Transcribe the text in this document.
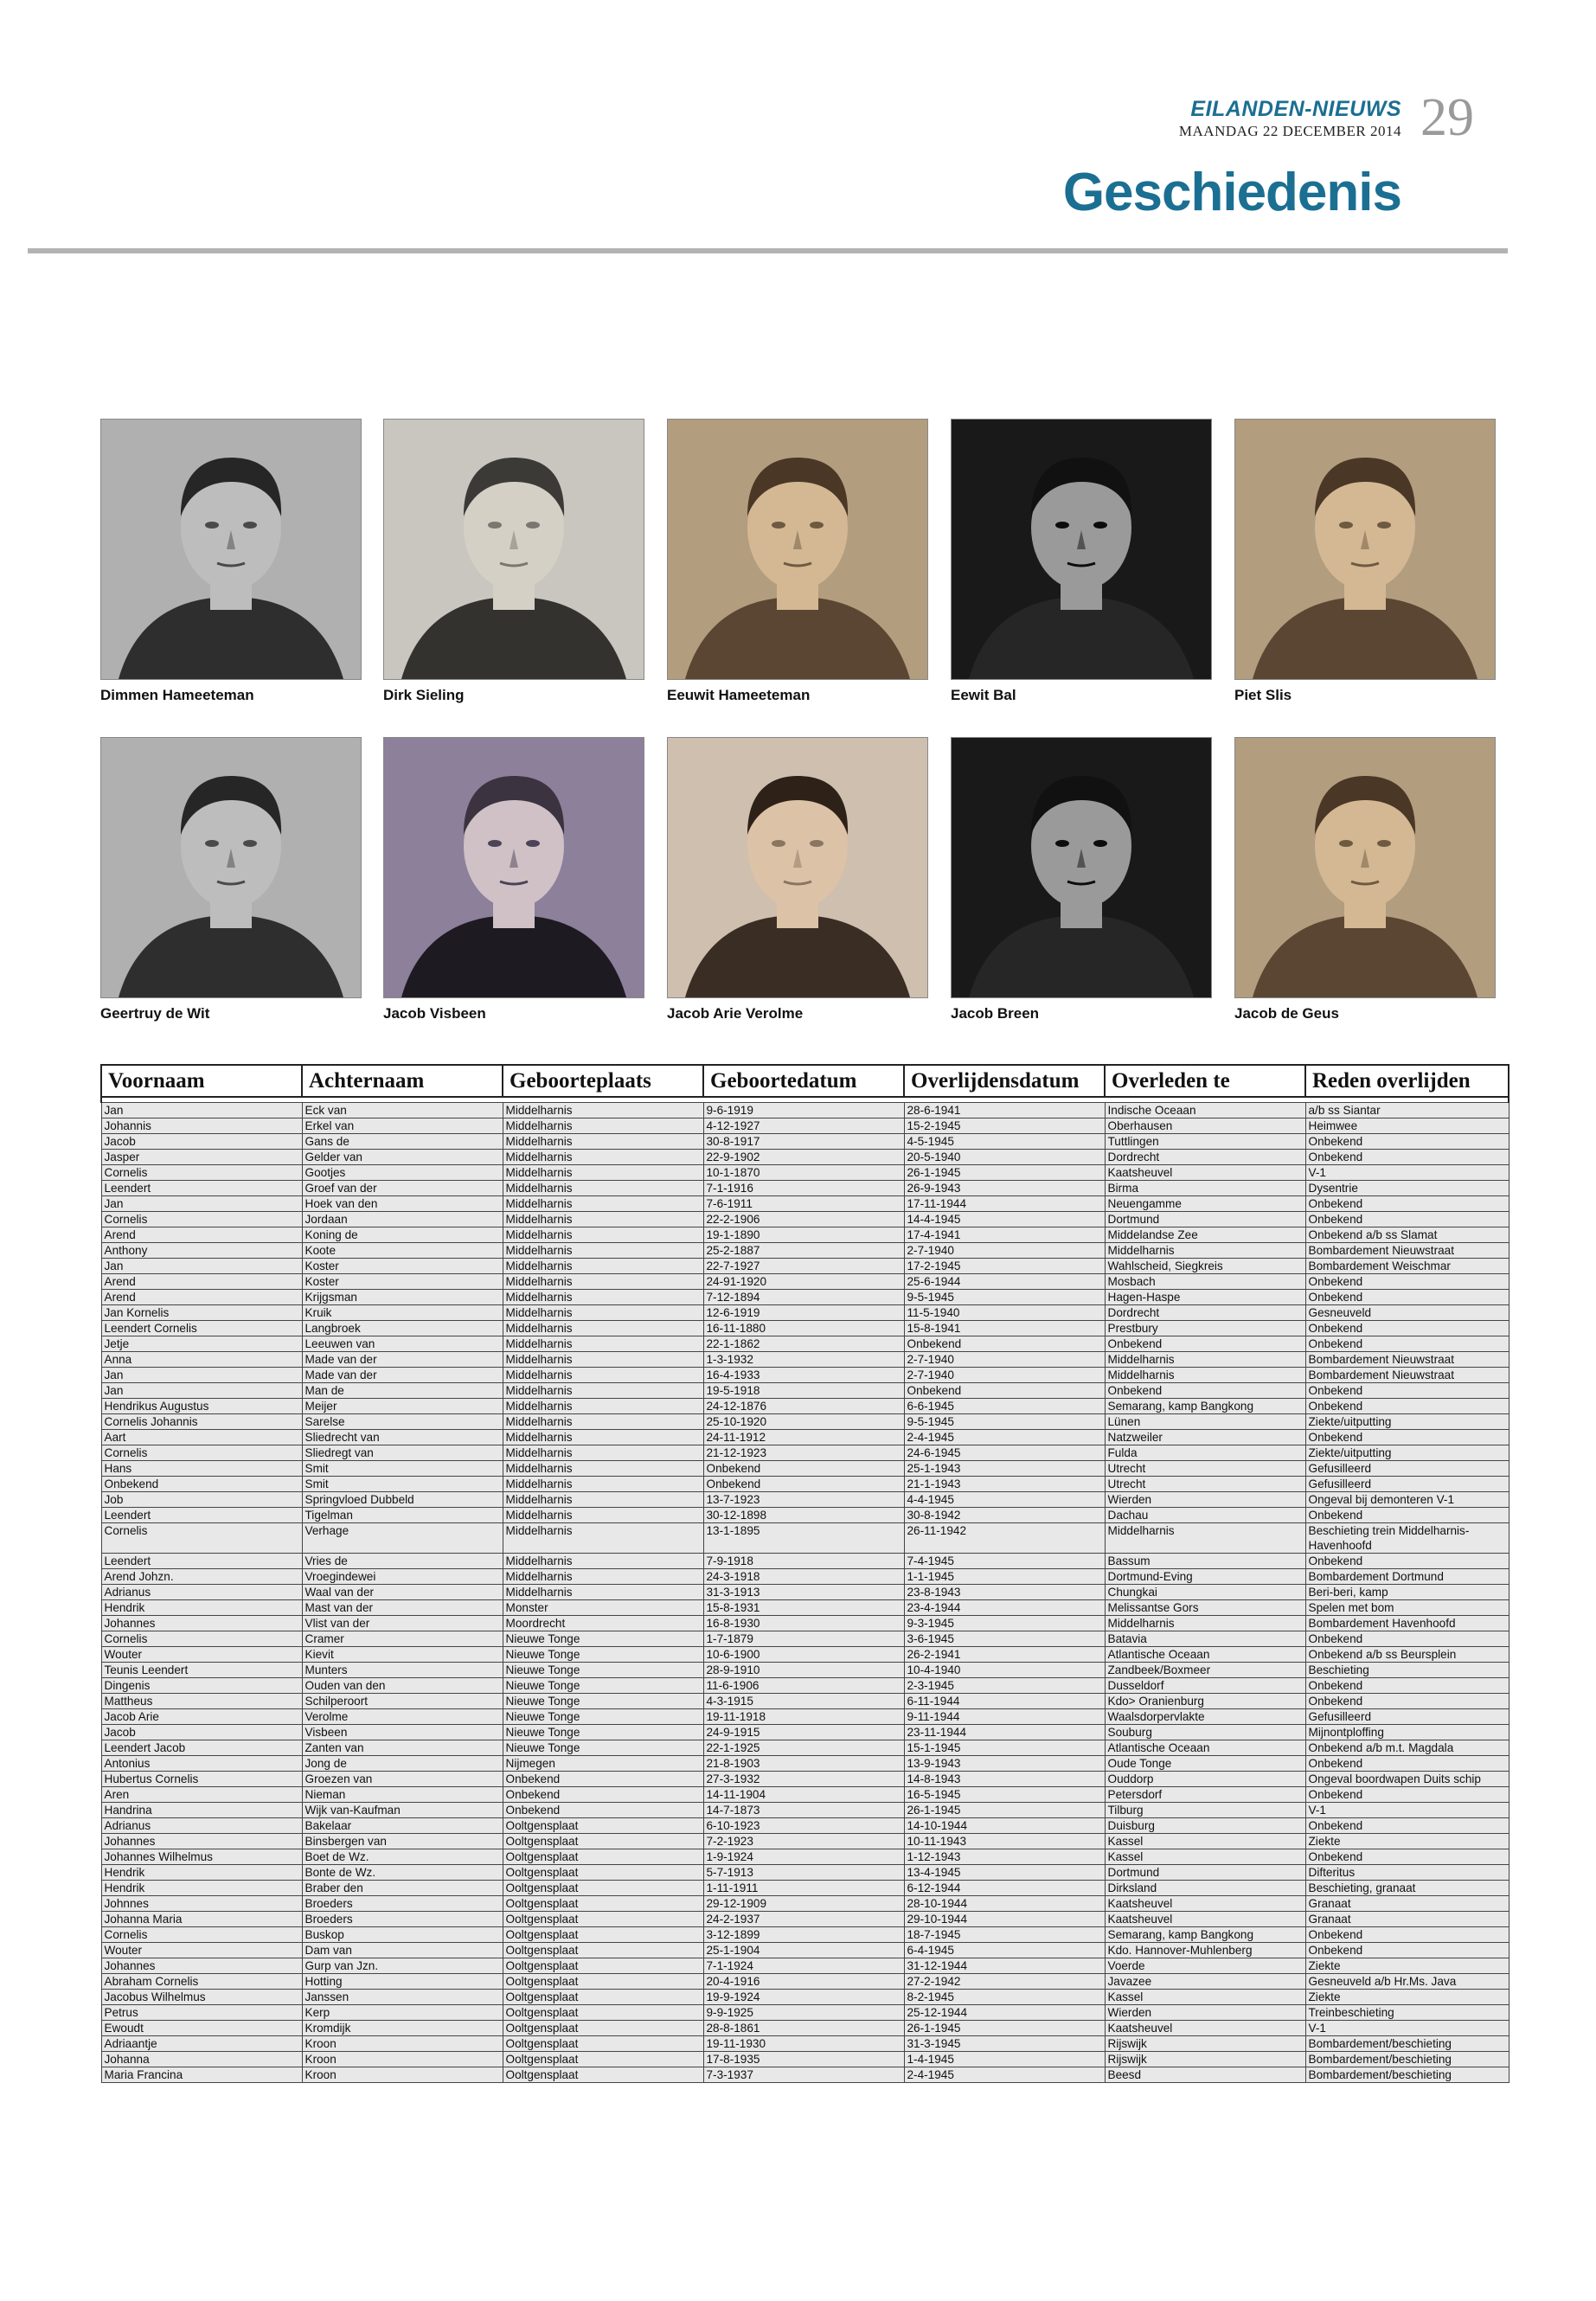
EILANDEN-NIEUWS
MAANDAG 22 DECEMBER 2014 29
Geschiedenis
Dimmen Hameeteman	Dirk Sieling	Eeuwit Hameeteman	Eewit Bal	Piet Slis
Geertruy de Wit	Jacob Visbeen	Jacob Arie Verolme	Jacob Breen	Jacob de Geus
Voornaam	Achternaam	Geboorteplaats	Geboortedatum	Overlijdensdatum	Overleden te	Reden overlijden

Jan	Eck van	Middelharnis	9-6-1919	28-6-1941	Indische Oceaan	a/b ss Siantar
Johannis	Erkel van	Middelharnis	4-12-1927	15-2-1945	Oberhausen	Heimwee
Jacob	Gans de	Middelharnis	30-8-1917	4-5-1945	Tuttlingen	Onbekend
Jasper	Gelder van	Middelharnis	22-9-1902	20-5-1940	Dordrecht	Onbekend
Cornelis	Gootjes	Middelharnis	10-1-1870	26-1-1945	Kaatsheuvel	V-1
Leendert	Groef van der	Middelharnis	7-1-1916	26-9-1943	Birma	Dysentrie
Jan	Hoek van den	Middelharnis	7-6-1911	17-11-1944	Neuengamme	Onbekend
Cornelis	Jordaan	Middelharnis	22-2-1906	14-4-1945	Dortmund	Onbekend
Arend	Koning de	Middelharnis	19-1-1890	17-4-1941	Middelandse Zee	Onbekend a/b ss Slamat
Anthony	Koote	Middelharnis	25-2-1887	2-7-1940	Middelharnis	Bombardement Nieuwstraat
Jan	Koster	Middelharnis	22-7-1927	17-2-1945	Wahlscheid, Siegkreis	Bombardement Weischmar
Arend	Koster	Middelharnis	24-91-1920	25-6-1944	Mosbach	Onbekend
Arend	Krijgsman	Middelharnis	7-12-1894	9-5-1945	Hagen-Haspe	Onbekend
Jan Kornelis	Kruik	Middelharnis	12-6-1919	11-5-1940	Dordrecht	Gesneuveld
Leendert Cornelis	Langbroek	Middelharnis	16-11-1880	15-8-1941	Prestbury	Onbekend
Jetje	Leeuwen van	Middelharnis	22-1-1862	Onbekend	Onbekend	Onbekend
Anna	Made van der	Middelharnis	1-3-1932	2-7-1940	Middelharnis	Bombardement Nieuwstraat
Jan	Made van der	Middelharnis	16-4-1933	2-7-1940	Middelharnis	Bombardement Nieuwstraat
Jan	Man de	Middelharnis	19-5-1918	Onbekend	Onbekend	Onbekend
Hendrikus Augustus	Meijer	Middelharnis	24-12-1876	6-6-1945	Semarang, kamp Bangkong	Onbekend
Cornelis Johannis	Sarelse	Middelharnis	25-10-1920	9-5-1945	Lünen	Ziekte/uitputting
Aart	Sliedrecht van	Middelharnis	24-11-1912	2-4-1945	Natzweiler	Onbekend
Cornelis	Sliedregt van	Middelharnis	21-12-1923	24-6-1945	Fulda	Ziekte/uitputting
Hans	Smit	Middelharnis	Onbekend	25-1-1943	Utrecht	Gefusilleerd
Onbekend	Smit	Middelharnis	Onbekend	21-1-1943	Utrecht	Gefusilleerd
Job	Springvloed Dubbeld	Middelharnis	13-7-1923	4-4-1945	Wierden	Ongeval bij demonteren V-1
Leendert	Tigelman	Middelharnis	30-12-1898	30-8-1942	Dachau	Onbekend
Cornelis	Verhage	Middelharnis	13-1-1895	26-11-1942	Middelharnis	Beschieting trein Middelharnis-Havenhoofd
Leendert	Vries de	Middelharnis	7-9-1918	7-4-1945	Bassum	Onbekend
Arend Johzn.	Vroegindewei	Middelharnis	24-3-1918	1-1-1945	Dortmund-Eving	Bombardement Dortmund
Adrianus	Waal van der	Middelharnis	31-3-1913	23-8-1943	Chungkai	Beri-beri, kamp
Hendrik	Mast van der	Monster	15-8-1931	23-4-1944	Melissantse Gors	Spelen met bom
Johannes	Vlist van der	Moordrecht	16-8-1930	9-3-1945	Middelharnis	Bombardement Havenhoofd
Cornelis	Cramer	Nieuwe Tonge	1-7-1879	3-6-1945	Batavia	Onbekend
Wouter	Kievit	Nieuwe Tonge	10-6-1900	26-2-1941	Atlantische Oceaan	Onbekend a/b ss Beursplein
Teunis Leendert	Munters	Nieuwe Tonge	28-9-1910	10-4-1940	Zandbeek/Boxmeer	Beschieting
Dingenis	Ouden van den	Nieuwe Tonge	11-6-1906	2-3-1945	Dusseldorf	Onbekend
Mattheus	Schilperoort	Nieuwe Tonge	4-3-1915	6-11-1944	Kdo> Oranienburg	Onbekend
Jacob Arie	Verolme	Nieuwe Tonge	19-11-1918	9-11-1944	Waalsdorpervlakte	Gefusilleerd
Jacob	Visbeen	Nieuwe Tonge	24-9-1915	23-11-1944	Souburg	Mijnontploffing
Leendert Jacob	Zanten van	Nieuwe Tonge	22-1-1925	15-1-1945	Atlantische Oceaan	Onbekend a/b m.t. Magdala
Antonius	Jong de	Nijmegen	21-8-1903	13-9-1943	Oude Tonge	Onbekend
Hubertus Cornelis	Groezen van	Onbekend	27-3-1932	14-8-1943	Ouddorp	Ongeval boordwapen Duits schip
Aren	Nieman	Onbekend	14-11-1904	16-5-1945	Petersdorf	Onbekend
Handrina	Wijk van-Kaufman	Onbekend	14-7-1873	26-1-1945	Tilburg	V-1
Adrianus	Bakelaar	Ooltgensplaat	6-10-1923	14-10-1944	Duisburg	Onbekend
Johannes	Binsbergen van	Ooltgensplaat	7-2-1923	10-11-1943	Kassel	Ziekte
Johannes Wilhelmus	Boet de Wz.	Ooltgensplaat	1-9-1924	1-12-1943	Kassel	Onbekend
Hendrik	Bonte de Wz.	Ooltgensplaat	5-7-1913	13-4-1945	Dortmund	Difteritus
Hendrik	Braber den	Ooltgensplaat	1-11-1911	6-12-1944	Dirksland	Beschieting, granaat
Johnnes	Broeders	Ooltgensplaat	29-12-1909	28-10-1944	Kaatsheuvel	Granaat
Johanna Maria	Broeders	Ooltgensplaat	24-2-1937	29-10-1944	Kaatsheuvel	Granaat
Cornelis	Buskop	Ooltgensplaat	3-12-1899	18-7-1945	Semarang, kamp Bangkong	Onbekend
Wouter	Dam van	Ooltgensplaat	25-1-1904	6-4-1945	Kdo. Hannover-Muhlenberg	Onbekend
Johannes	Gurp van Jzn.	Ooltgensplaat	7-1-1924	31-12-1944	Voerde	Ziekte
Abraham Cornelis	Hotting	Ooltgensplaat	20-4-1916	27-2-1942	Javazee	Gesneuveld a/b Hr.Ms. Java
Jacobus Wilhelmus	Janssen	Ooltgensplaat	19-9-1924	8-2-1945	Kassel	Ziekte
Petrus	Kerp	Ooltgensplaat	9-9-1925	25-12-1944	Wierden	Treinbeschieting
Ewoudt	Kromdijk	Ooltgensplaat	28-8-1861	26-1-1945	Kaatsheuvel	V-1
Adriaantje	Kroon	Ooltgensplaat	19-11-1930	31-3-1945	Rijswijk	Bombardement/beschieting
Johanna	Kroon	Ooltgensplaat	17-8-1935	1-4-1945	Rijswijk	Bombardement/beschieting
Maria Francina	Kroon	Ooltgensplaat	7-3-1937	2-4-1945	Beesd	Bombardement/beschieting
